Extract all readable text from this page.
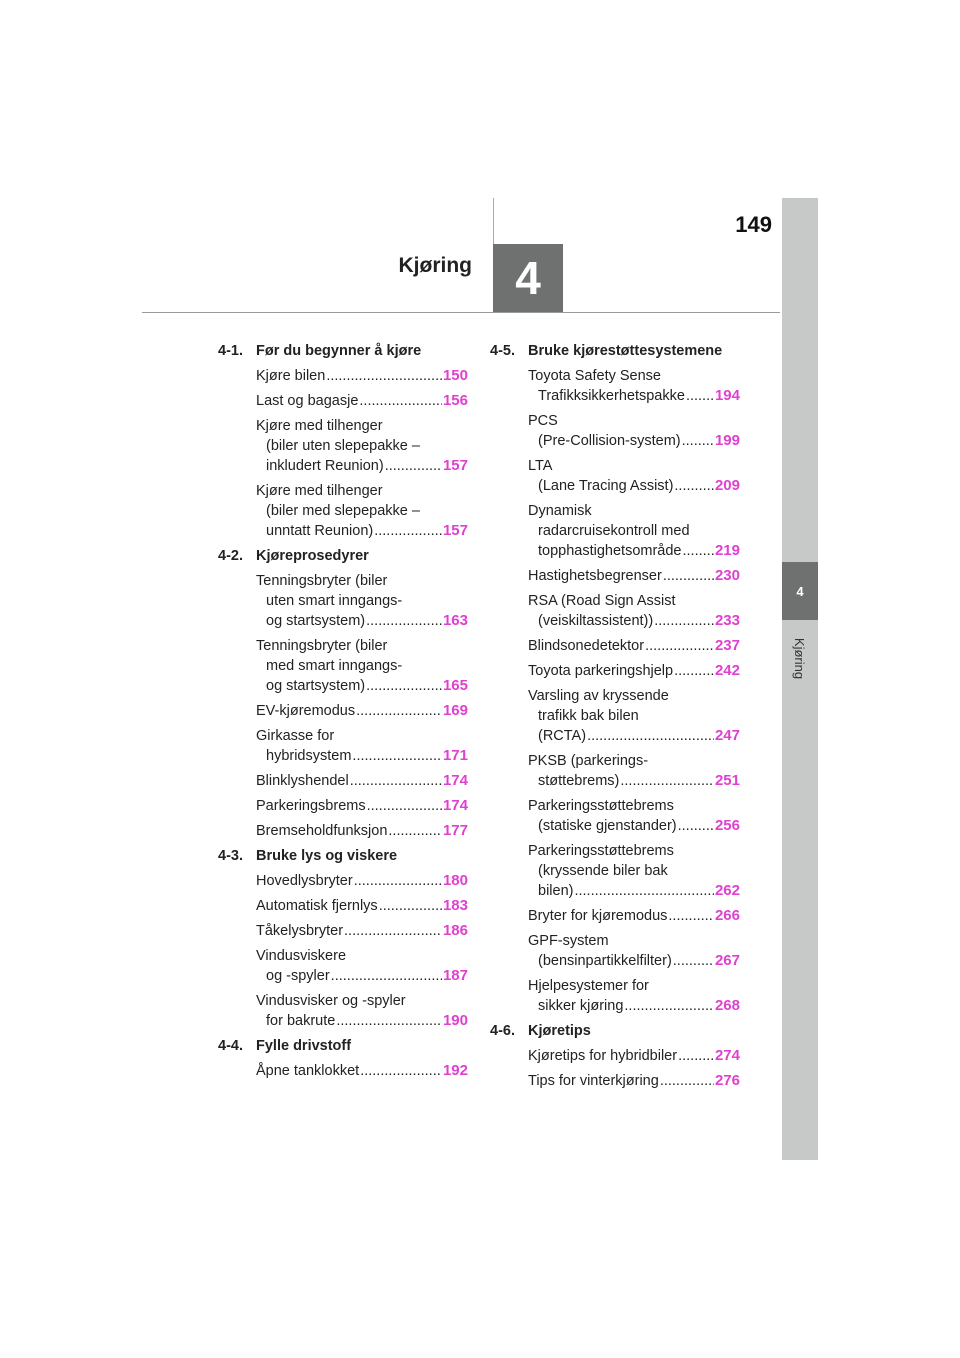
4
Kjøring
149
4
Kjøring
4-1. Før du begynner å kjøre
Kjøre bilen .....	150
Last og bagasje .....	156
Kjøre med tilhenger
(biler uten slepepakke –
inkludert Reunion) .....	157
Kjøre med tilhenger
(biler med slepepakke –
unntatt Reunion) .....	157
4-2. Kjøreprosedyrer
Tenningsbryter (biler
uten smart inngangs-
og startsystem) .....	163
Tenningsbryter (biler
med smart inngangs-
og startsystem) .....	165
EV-kjøremodus .....	169
Girkasse for
hybridsystem .....	171
Blinklyshendel .....	174
Parkeringsbrems .....	174
Bremseholdfunksjon .....	177
4-3. Bruke lys og viskere
Hovedlysbryter .....	180
Automatisk fjernlys .....	183
Tåkelysbryter .....	186
Vindusviskere
og -spyler .....	187
Vindusvisker og -spyler
for bakrute .....	190
4-4. Fylle drivstoff
Åpne tanklokket .....	192
4-5. Bruke kjørestøttesystemene
Toyota Safety Sense
Trafikksikkerhetspakke ..... 194
PCS
(Pre-Collision-system) ..... 199
LTA
(Lane Tracing Assist) .....	209
Dynamisk
radarcruisekontroll med
topphastighetsområde ..... 219
Hastighetsbegrenser .....	230
RSA (Road Sign Assist
(veiskiltassistent)) .....	233
Blindsonedetektor .....	237
Toyota parkeringshjelp .....	242
Varsling av kryssende
trafikk bak bilen
(RCTA) .....	247
PKSB (parkerings-
støttebrems) .....	251
Parkeringsstøttebrems
(statiske gjenstander) .....	256
Parkeringsstøttebrems
(kryssende biler bak
bilen) .....	262
Bryter for kjøremodus .....	266
GPF-system
(bensinpartikkelfilter) .....	267
Hjelpesystemer for
sikker kjøring .....	268
4-6. Kjøretips
Kjøretips for hybridbiler .....	274
Tips for vinterkjøring .....	276
